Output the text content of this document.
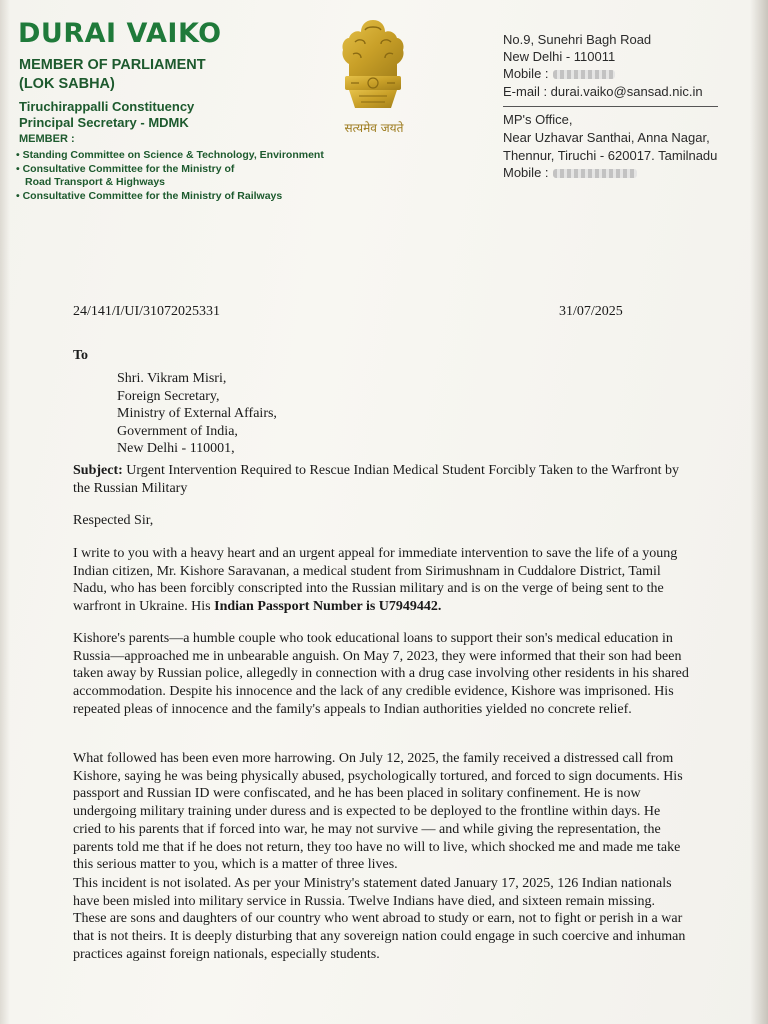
DURAI VAIKO

MEMBER OF PARLIAMENT

(LOK SABHA)

Tiruchirappalli Constituency

Principal Secretary - MDMK

MEMBER :

• Standing Committee on Science & Technology, Environment
• Consultative Committee for the Ministry of
Road Transport & Highways
• Consultative Committee for the Ministry of Railways

सत्यमेव जयते

No.9, Sunehri Bagh Road

New Delhi - 110011

Mobile :

E-mail : durai.vaiko@sansad.nic.in

MP's Office,

Near Uzhavar Santhai, Anna Nagar,

Thennur, Tiruchi - 620017. Tamilnadu

Mobile :

24/141/I/UI/31072025331	31/07/2025

To

Shri. Vikram Misri,
Foreign Secretary,
Ministry of External Affairs,
Government of India,
New Delhi - 110001,

Subject: Urgent Intervention Required to Rescue Indian Medical Student Forcibly Taken to the Warfront by the Russian Military

Respected Sir,

I write to you with a heavy heart and an urgent appeal for immediate intervention to save the life of a young Indian citizen, Mr. Kishore Saravanan, a medical student from Sirimushnam in Cuddalore District, Tamil Nadu, who has been forcibly conscripted into the Russian military and is on the verge of being sent to the warfront in Ukraine. His Indian Passport Number is U7949442.

Kishore's parents—a humble couple who took educational loans to support their son's medical education in Russia—approached me in unbearable anguish. On May 7, 2023, they were informed that their son had been taken away by Russian police, allegedly in connection with a drug case involving other residents in his shared accommodation. Despite his innocence and the lack of any credible evidence, Kishore was imprisoned. His repeated pleas of innocence and the family's appeals to Indian authorities yielded no concrete relief.

What followed has been even more harrowing. On July 12, 2025, the family received a distressed call from Kishore, saying he was being physically abused, psychologically tortured, and forced to sign documents. His passport and Russian ID were confiscated, and he has been placed in solitary confinement. He is now undergoing military training under duress and is expected to be deployed to the frontline within days. He cried to his parents that if forced into war, he may not survive — and while giving the representation, the parents told me that if he does not return, they too have no will to live, which shocked me and made me take this serious matter to you, which is a matter of three lives.

This incident is not isolated. As per your Ministry's statement dated January 17, 2025, 126 Indian nationals have been misled into military service in Russia. Twelve Indians have died, and sixteen remain missing. These are sons and daughters of our country who went abroad to study or earn, not to fight or perish in a war that is not theirs. It is deeply disturbing that any sovereign nation could engage in such coercive and inhuman practices against foreign nationals, especially students.
